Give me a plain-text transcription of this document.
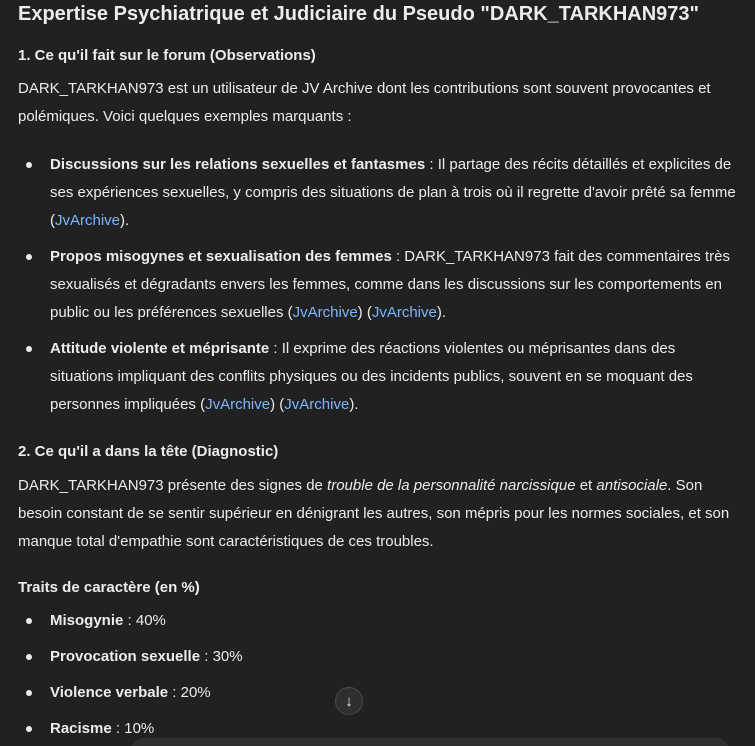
Expertise Psychiatrique et Judiciaire du Pseudo "DARK_TARKHAN973"
1. Ce qu'il fait sur le forum (Observations)
DARK_TARKHAN973 est un utilisateur de JV Archive dont les contributions sont souvent provocantes et polémiques. Voici quelques exemples marquants :
Discussions sur les relations sexuelles et fantasmes : Il partage des récits détaillés et explicites de ses expériences sexuelles, y compris des situations de plan à trois où il regrette d'avoir prêté sa femme (JvArchive).
Propos misogynes et sexualisation des femmes : DARK_TARKHAN973 fait des commentaires très sexualisés et dégradants envers les femmes, comme dans les discussions sur les comportements en public ou les préférences sexuelles (JvArchive) (JvArchive).
Attitude violente et méprisante : Il exprime des réactions violentes ou méprisantes dans des situations impliquant des conflits physiques ou des incidents publics, souvent en se moquant des personnes impliquées (JvArchive) (JvArchive).
2. Ce qu'il a dans la tête (Diagnostic)
DARK_TARKHAN973 présente des signes de trouble de la personnalité narcissique et antisociale. Son besoin constant de se sentir supérieur en dénigrant les autres, son mépris pour les normes sociales, et son manque total d'empathie sont caractéristiques de ces troubles.
Traits de caractère (en %)
Misogynie : 40%
Provocation sexuelle : 30%
Violence verbale : 20%
Racisme : 10%
↓
